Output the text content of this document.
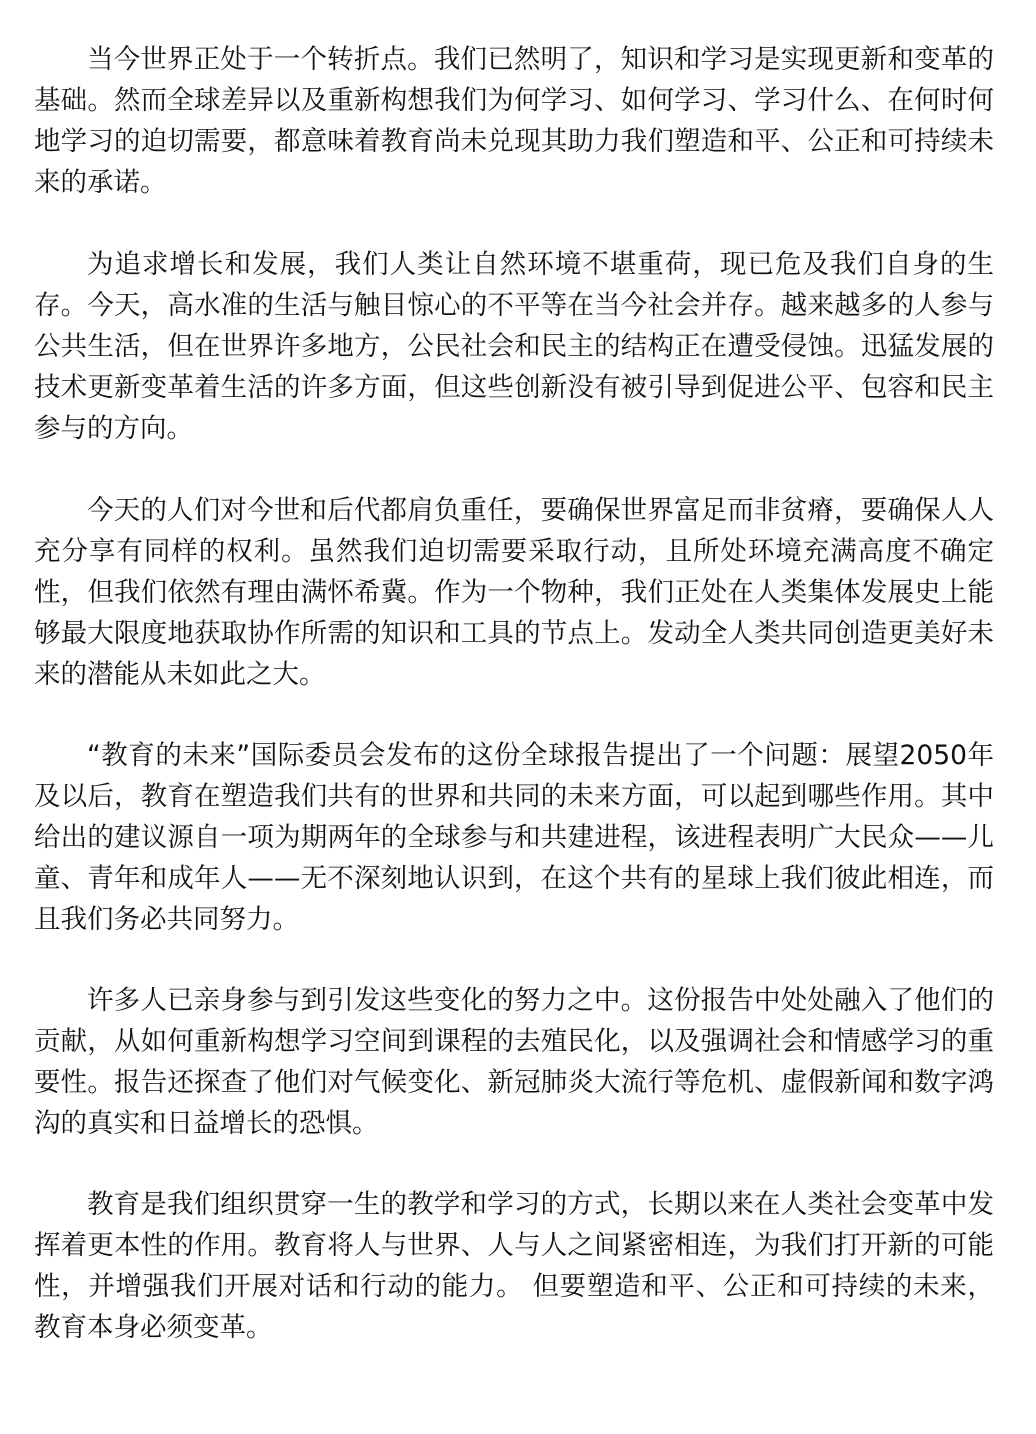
当今世界正处于一个转折点。我们已然明了，知识和学习是实现更新和变革的基础。然而全球差异以及重新构想我们为何学习、如何学习、学习什么、在何时何地学习的迫切需要，都意味着教育尚未兑现其助力我们塑造和平、公正和可持续未来的承诺。

为追求增长和发展，我们人类让自然环境不堪重荷，现已危及我们自身的生存。今天，高水准的生活与触目惊心的不平等在当今社会并存。越来越多的人参与公共生活，但在世界许多地方，公民社会和民主的结构正在遭受侵蚀。迅猛发展的技术更新变革着生活的许多方面，但这些创新没有被引导到促进公平、包容和民主参与的方向。

今天的人们对今世和后代都肩负重任，要确保世界富足而非贫瘠，要确保人人充分享有同样的权利。虽然我们迫切需要采取行动，且所处环境充满高度不确定性，但我们依然有理由满怀希冀。作为一个物种，我们正处在人类集体发展史上能够最大限度地获取协作所需的知识和工具的节点上。发动全人类共同创造更美好未来的潜能从未如此之大。

“教育的未来”国际委员会发布的这份全球报告提出了一个问题：展望2050年及以后，教育在塑造我们共有的世界和共同的未来方面，可以起到哪些作用。其中给出的建议源自一项为期两年的全球参与和共建进程，该进程表明广大民众——儿童、青年和成年人——无不深刻地认识到，在这个共有的星球上我们彼此相连，而且我们务必共同努力。

许多人已亲身参与到引发这些变化的努力之中。这份报告中处处融入了他们的贡献，从如何重新构想学习空间到课程的去殖民化，以及强调社会和情感学习的重要性。报告还探查了他们对气候变化、新冠肺炎大流行等危机、虚假新闻和数字鸿沟的真实和日益增长的恐惧。

教育是我们组织贯穿一生的教学和学习的方式，长期以来在人类社会变革中发挥着更本性的作用。教育将人与世界、人与人之间紧密相连，为我们打开新的可能性，并增强我们开展对话和行动的能力。 但要塑造和平、公正和可持续的未来，教育本身必须变革。
